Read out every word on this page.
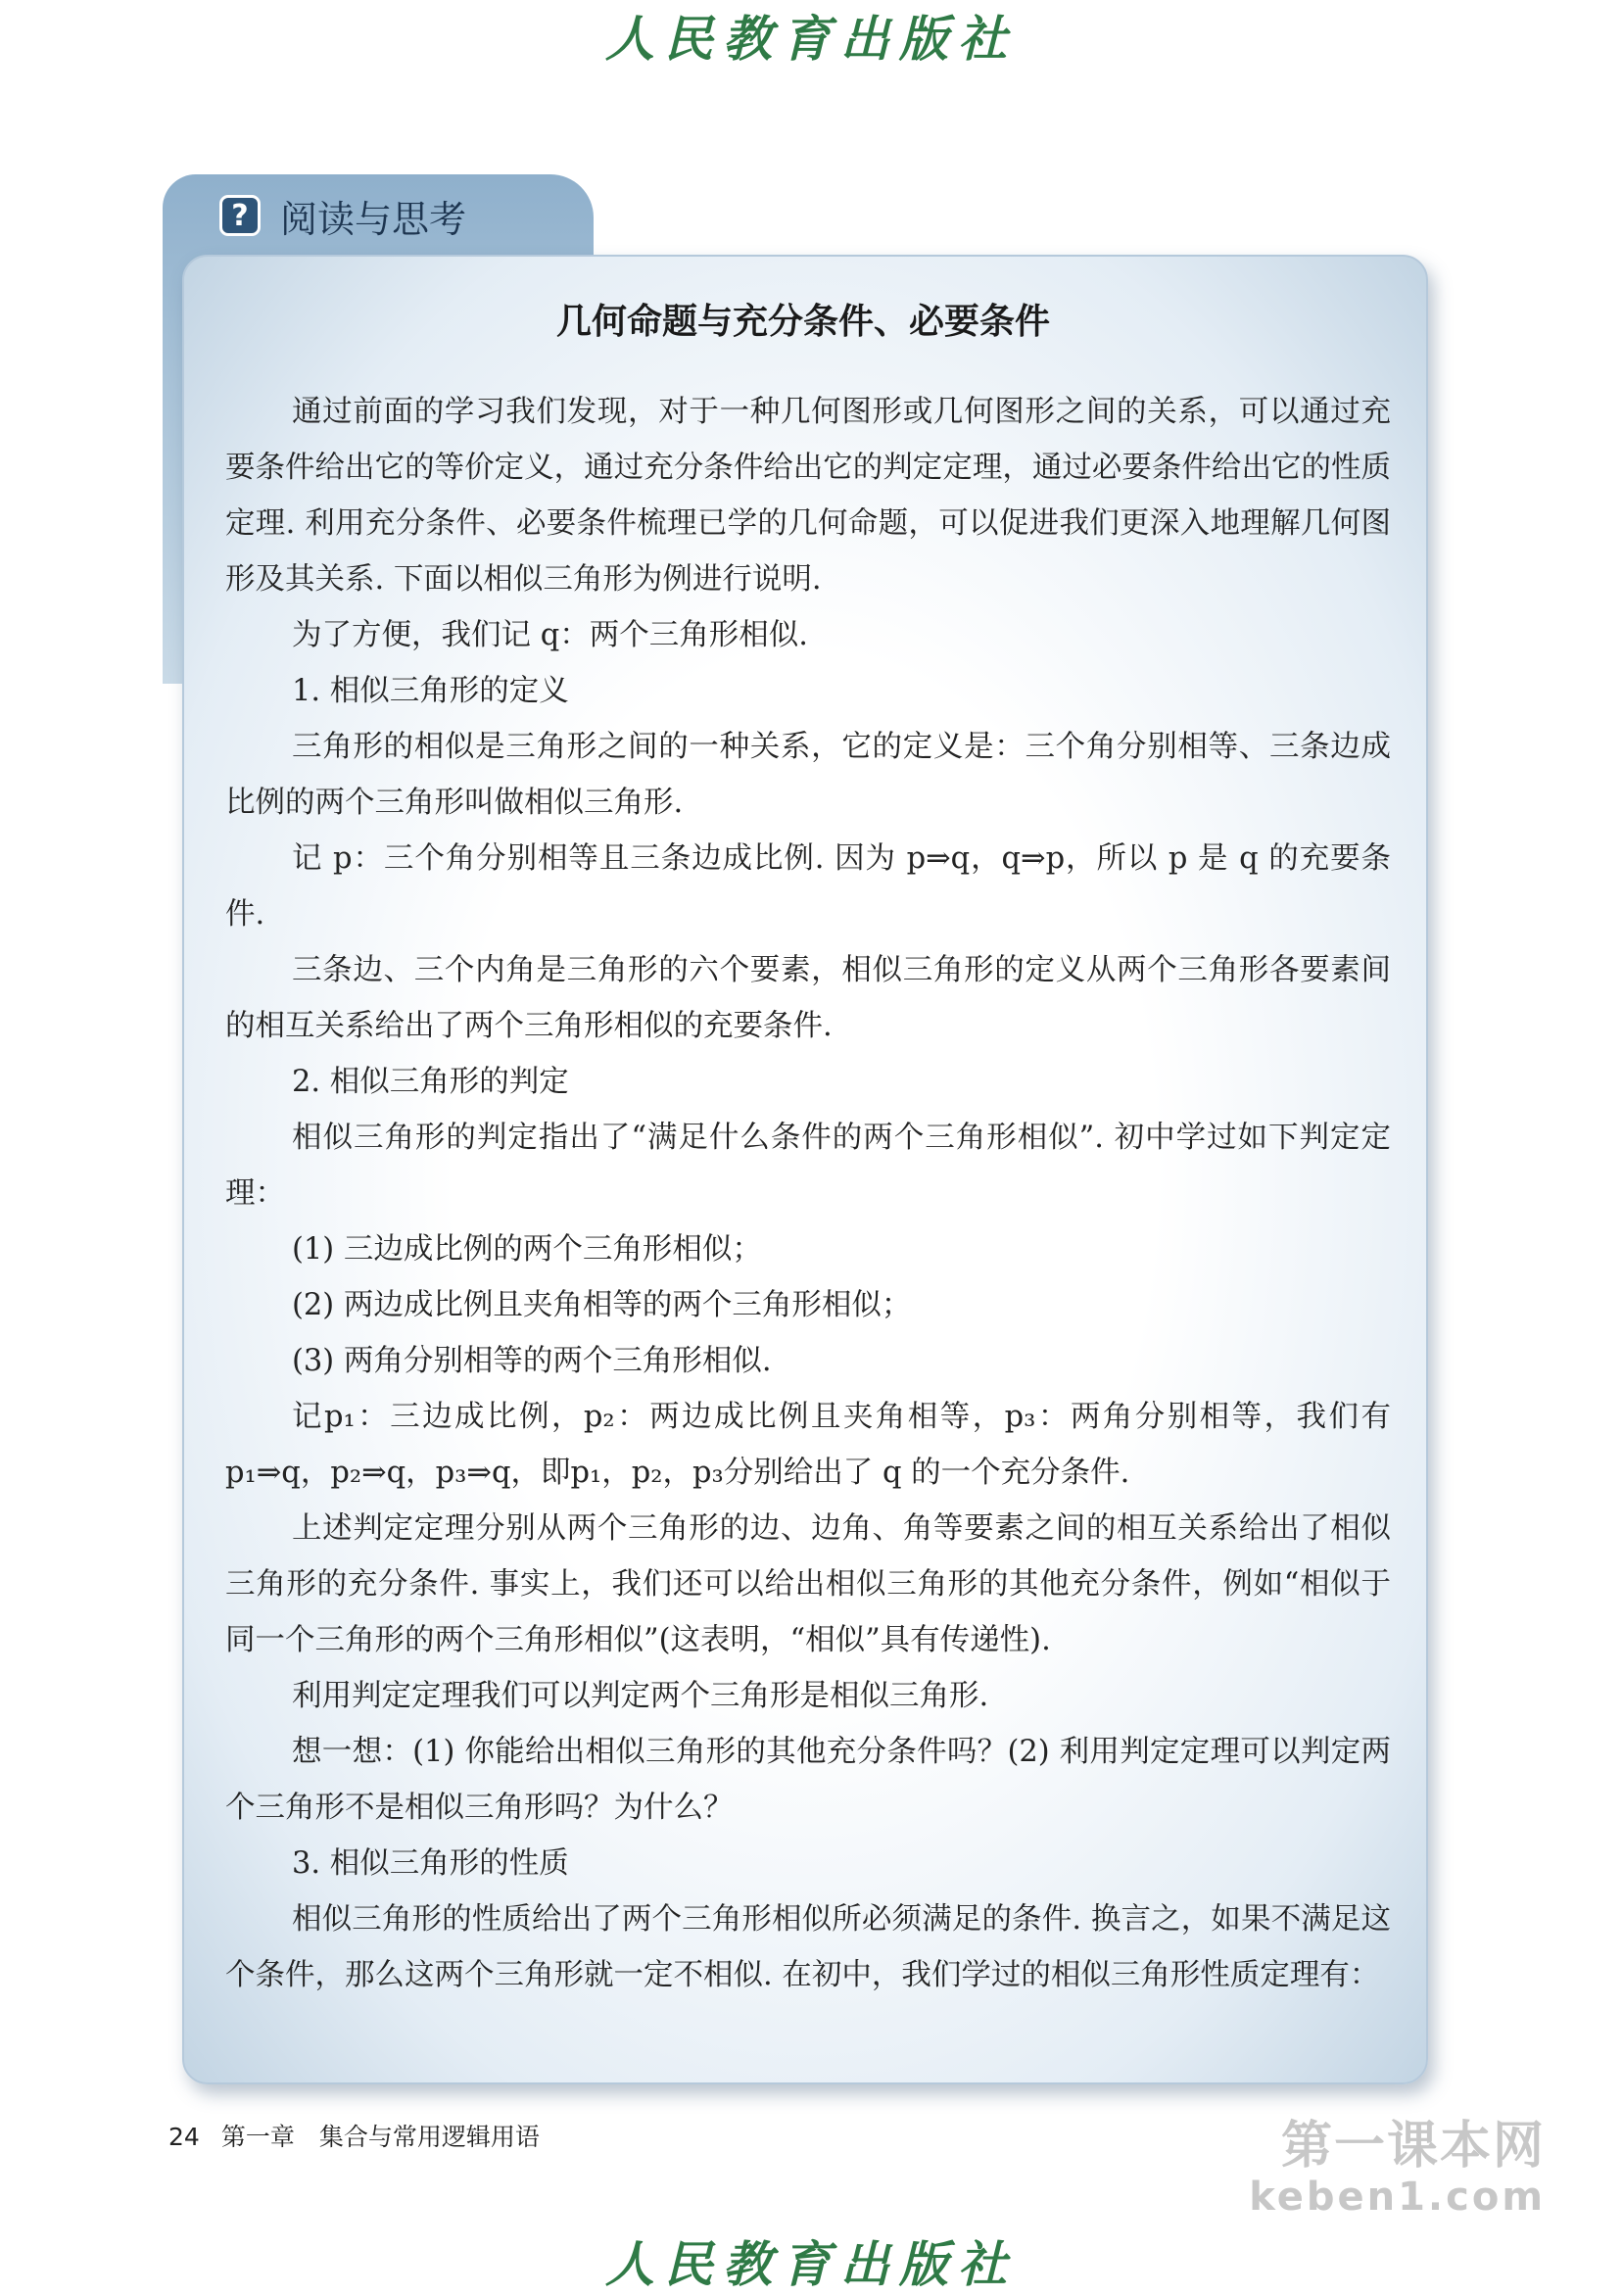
人民教育出版社
? 阅读与思考
几何命题与充分条件、必要条件

通过前面的学习我们发现，对于一种几何图形或几何图形之间的关系，可以通过充要条件给出它的等价定义，通过充分条件给出它的判定定理，通过必要条件给出它的性质定理. 利用充分条件、必要条件梳理已学的几何命题，可以促进我们更深入地理解几何图形及其关系. 下面以相似三角形为例进行说明.

为了方便，我们记 q：两个三角形相似.

1. 相似三角形的定义

三角形的相似是三角形之间的一种关系，它的定义是：三个角分别相等、三条边成比例的两个三角形叫做相似三角形.

记 p：三个角分别相等且三条边成比例. 因为 p⇒q，q⇒p，所以 p 是 q 的充要条件.

三条边、三个内角是三角形的六个要素，相似三角形的定义从两个三角形各要素间的相互关系给出了两个三角形相似的充要条件.

2. 相似三角形的判定

相似三角形的判定指出了“满足什么条件的两个三角形相似”. 初中学过如下判定定理：

(1) 三边成比例的两个三角形相似；

(2) 两边成比例且夹角相等的两个三角形相似；

(3) 两角分别相等的两个三角形相似.

记p₁：三边成比例，p₂：两边成比例且夹角相等，p₃：两角分别相等，我们有p₁⇒q，p₂⇒q，p₃⇒q，即p₁，p₂，p₃分别给出了 q 的一个充分条件.

上述判定定理分别从两个三角形的边、边角、角等要素之间的相互关系给出了相似三角形的充分条件. 事实上，我们还可以给出相似三角形的其他充分条件，例如“相似于同一个三角形的两个三角形相似”(这表明，“相似”具有传递性).

利用判定定理我们可以判定两个三角形是相似三角形.

想一想：(1) 你能给出相似三角形的其他充分条件吗？(2) 利用判定定理可以判定两个三角形不是相似三角形吗？为什么？

3. 相似三角形的性质

相似三角形的性质给出了两个三角形相似所必须满足的条件. 换言之，如果不满足这个条件，那么这两个三角形就一定不相似. 在初中，我们学过的相似三角形性质定理有：

24 第一章　集合与常用逻辑用语	第一课本网
keben1.com
人民教育出版社
